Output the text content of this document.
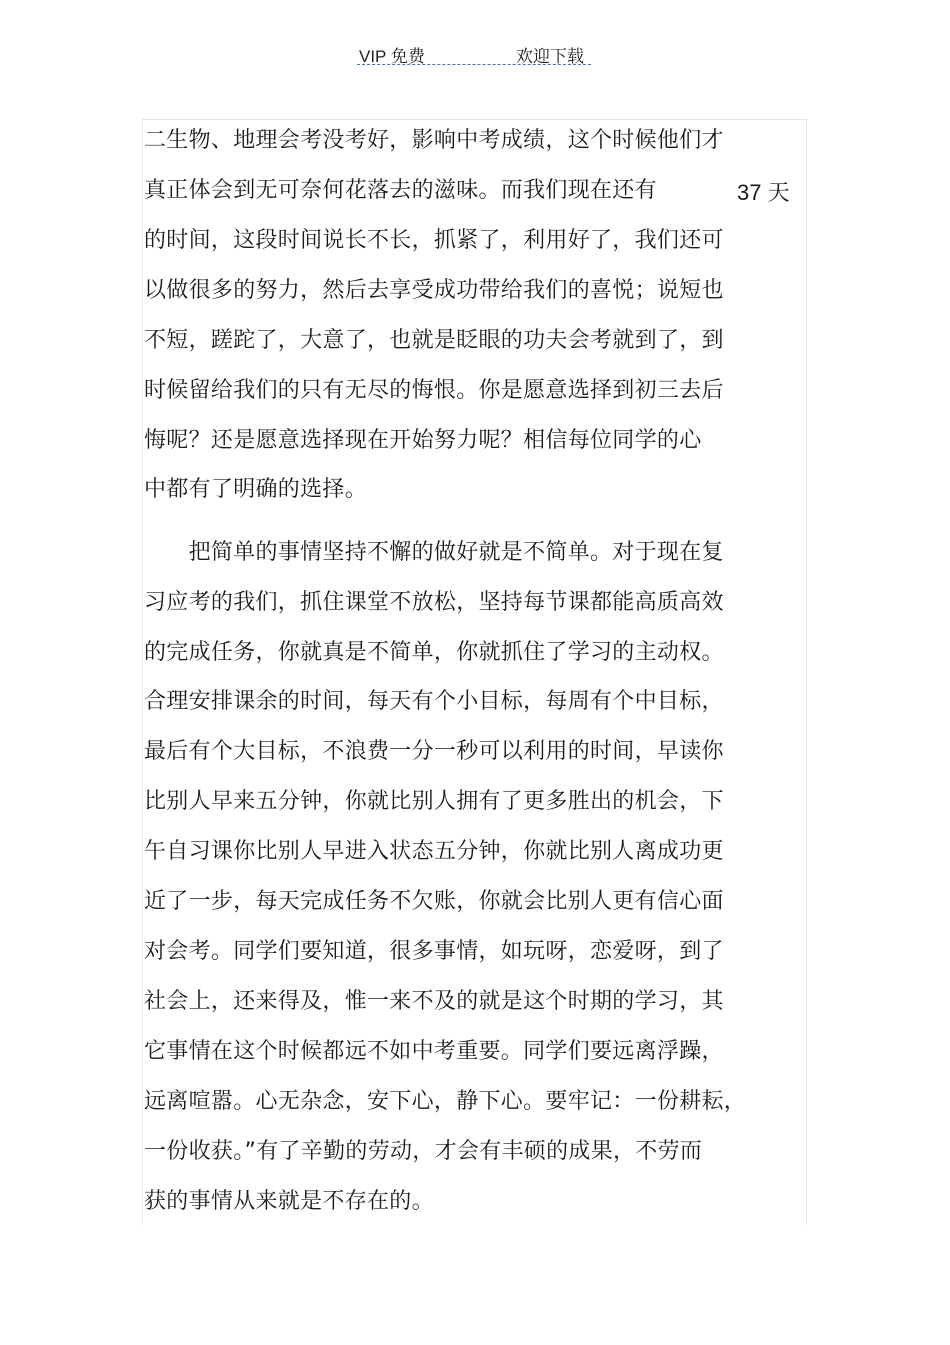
VIP 免费	欢迎下载
二生物、地理会考没考好，影响中考成绩，这个时候他们才
真正体会到无可奈何花落去的滋味。而我们现在还有	37 天
的时间，这段时间说长不长，抓紧了，利用好了，我们还可
以做很多的努力，然后去享受成功带给我们的喜悦；说短也
不短，蹉跎了，大意了，也就是眨眼的功夫会考就到了，到
时候留给我们的只有无尽的悔恨。你是愿意选择到初三去后
悔呢？还是愿意选择现在开始努力呢？相信每位同学的心
中都有了明确的选择。
　　把简单的事情坚持不懈的做好就是不简单。对于现在复
习应考的我们，抓住课堂不放松，坚持每节课都能高质高效
的完成任务，你就真是不简单，你就抓住了学习的主动权。
合理安排课余的时间，每天有个小目标，每周有个中目标，
最后有个大目标，不浪费一分一秒可以利用的时间，早读你
比别人早来五分钟，你就比别人拥有了更多胜出的机会，下
午自习课你比别人早进入状态五分钟，你就比别人离成功更
近了一步，每天完成任务不欠账，你就会比别人更有信心面
对会考。同学们要知道，很多事情，如玩呀，恋爱呀，到了
社会上，还来得及，惟一来不及的就是这个时期的学习，其
它事情在这个时候都远不如中考重要。同学们要远离浮躁，
远离喧嚣。心无杂念，安下心，静下心。要牢记：一份耕耘，
一份收获。”有了辛勤的劳动，才会有丰硕的成果，不劳而
获的事情从来就是不存在的。
